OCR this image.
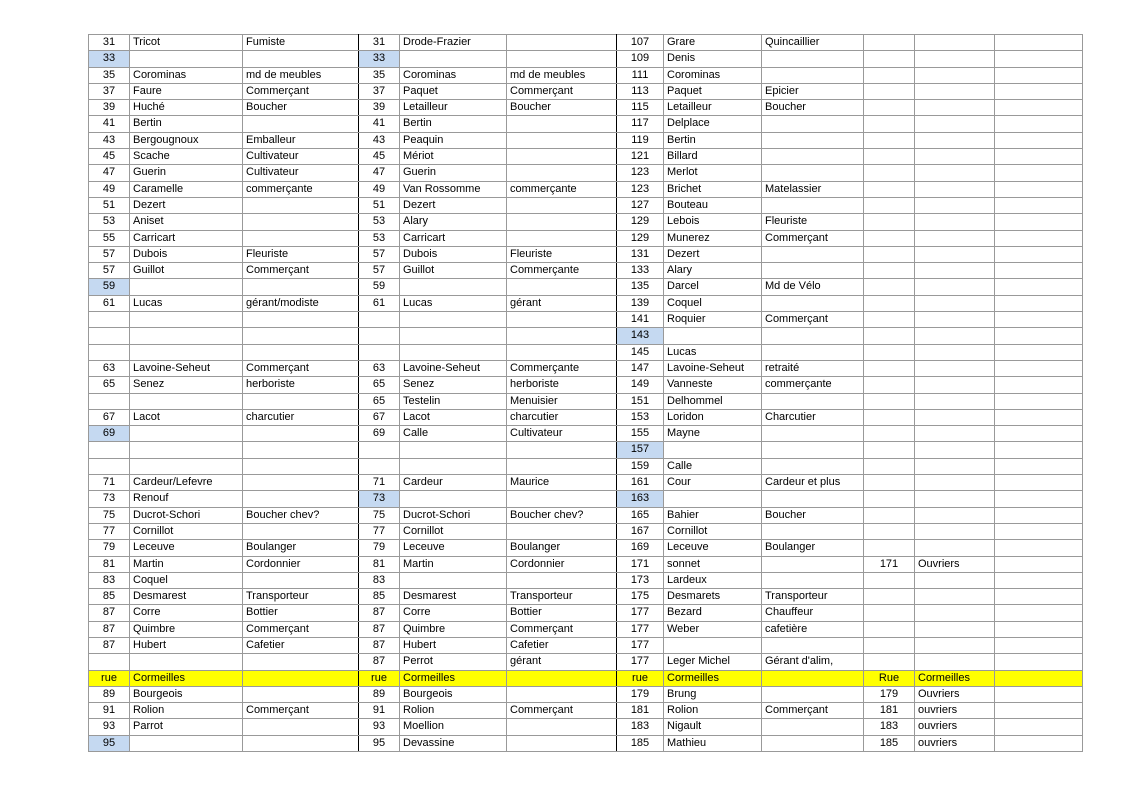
31	Tricot	Fumiste	31	Drode-Frazier		107	Grare	Quincaillier			
33			33			109	Denis				
35	Corominas	md de meubles	35	Corominas	md de meubles	111	Corominas				
37	Faure	Commerçant	37	Paquet	Commerçant	113	Paquet	Epicier			
39	Huché	Boucher	39	Letailleur	Boucher	115	Letailleur	Boucher			
41	Bertin		41	Bertin		117	Delplace				
43	Bergougnoux	Emballeur	43	Peaquin		119	Bertin				
45	Scache	Cultivateur	45	Mériot		121	Billard				
47	Guerin	Cultivateur	47	Guerin		123	Merlot				
49	Caramelle	commerçante	49	Van Rossomme	commerçante	123	Brichet	Matelassier			
51	Dezert		51	Dezert		127	Bouteau				
53	Aniset		53	Alary		129	Lebois	Fleuriste			
55	Carricart		53	Carricart		129	Munerez	Commerçant			
57	Dubois	Fleuriste	57	Dubois	Fleuriste	131	Dezert				
57	Guillot	Commerçant	57	Guillot	Commerçante	133	Alary				
59			59			135	Darcel	Md de Vélo			
61	Lucas	gérant/modiste	61	Lucas	gérant	139	Coquel				
						141	Roquier	Commerçant			
						143					
						145	Lucas				
63	Lavoine-Seheut	Commerçant	63	Lavoine-Seheut	Commerçante	147	Lavoine-Seheut	retraité			
65	Senez	herboriste	65	Senez	herboriste	149	Vanneste	commerçante			
			65	Testelin	Menuisier	151	Delhommel				
67	Lacot	charcutier	67	Lacot	charcutier	153	Loridon	Charcutier			
69			69	Calle	Cultivateur	155	Mayne				
						157					
						159	Calle				
71	Cardeur/Lefevre		71	Cardeur	Maurice	161	Cour	Cardeur et plus			
73	Renouf		73			163					
75	Ducrot-Schori	Boucher chev?	75	Ducrot-Schori	Boucher chev?	165	Bahier	Boucher			
77	Cornillot		77	Cornillot		167	Cornillot				
79	Leceuve	Boulanger	79	Leceuve	Boulanger	169	Leceuve	Boulanger			
81	Martin	Cordonnier	81	Martin	Cordonnier	171	sonnet		171	Ouvriers	
83	Coquel		83			173	Lardeux				
85	Desmarest	Transporteur	85	Desmarest	Transporteur	175	Desmarets	Transporteur			
87	Corre	Bottier	87	Corre	Bottier	177	Bezard	Chauffeur			
87	Quimbre	Commerçant	87	Quimbre	Commerçant	177	Weber	cafetière			
87	Hubert	Cafetier	87	Hubert	Cafetier	177					
			87	Perrot	gérant	177	Leger Michel	Gérant d'alim,			
rue	Cormeilles		rue	Cormeilles		rue	Cormeilles		Rue	Cormeilles	
89	Bourgeois		89	Bourgeois		179	Brung		179	Ouvriers	
91	Rolion	Commerçant	91	Rolion	Commerçant	181	Rolion	Commerçant	181	ouvriers	
93	Parrot		93	Moellion		183	Nigault		183	ouvriers	
95			95	Devassine		185	Mathieu		185	ouvriers	
